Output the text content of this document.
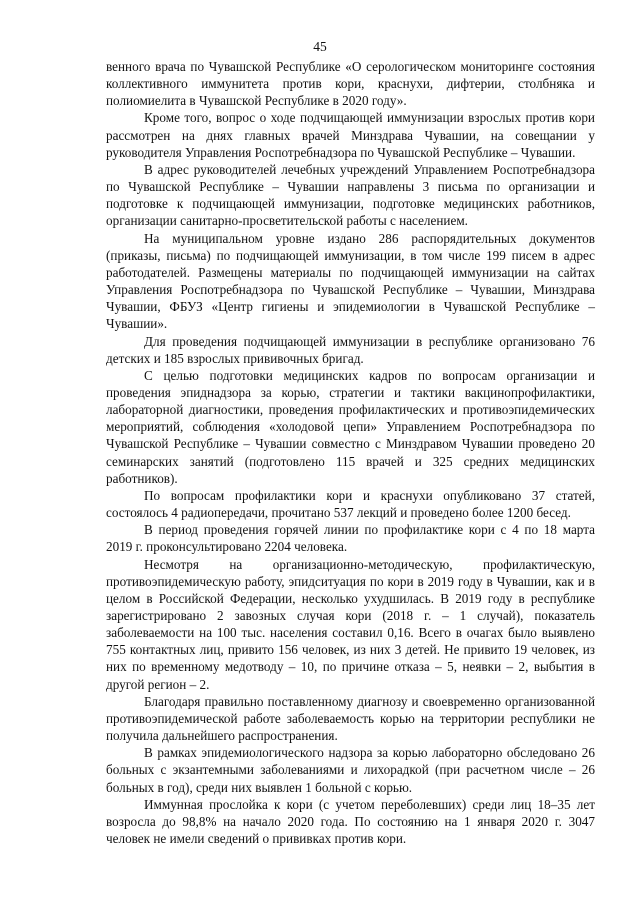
45

венного врача по Чувашской Республике «О серологическом мониторинге состояния коллективного иммунитета против кори, краснухи, дифтерии, столбняка и полиомиелита в Чувашской Республике в 2020 году».

Кроме того, вопрос о ходе подчищающей иммунизации взрослых против кори рассмотрен на днях главных врачей Минздрава Чувашии, на совещании у руководителя Управления Роспотребнадзора по Чувашской Республике – Чувашии.

В адрес руководителей лечебных учреждений Управлением Роспотребнадзора по Чувашской Республике – Чувашии направлены 3 письма по организации и подготовке к подчищающей иммунизации, подготовке медицинских работников, организации санитарно-просветительской работы с населением.

На муниципальном уровне издано 286 распорядительных документов (приказы, письма) по подчищающей иммунизации, в том числе 199 писем в адрес работодателей. Размещены материалы по подчищающей иммунизации на сайтах Управления Роспотребнадзора по Чувашской Республике – Чувашии, Минздрава Чувашии, ФБУЗ «Центр гигиены и эпидемиологии в Чувашской Республике – Чувашии».

Для проведения подчищающей иммунизации в республике организовано 76 детских и 185 взрослых прививочных бригад.

С целью подготовки медицинских кадров по вопросам организации и проведения эпиднадзора за корью, стратегии и тактики вакцинопрофилактики, лабораторной диагностики, проведения профилактических и противоэпидемических мероприятий, соблюдения «холодовой цепи» Управлением Роспотребнадзора по Чувашской Республике – Чувашии совместно с Минздравом Чувашии проведено 20 семинарских занятий (подготовлено 115 врачей и 325 средних медицинских работников).

По вопросам профилактики кори и краснухи опубликовано 37 статей, состоялось 4 радиопередачи, прочитано 537 лекций и проведено более 1200 бесед.

В период проведения горячей линии по профилактике кори с 4 по 18 марта 2019 г. проконсультировано 2204 человека.

Несмотря на организационно-методическую, профилактическую, противоэпидемическую работу, эпидситуация по кори в 2019 году в Чувашии, как и в целом в Российской Федерации, несколько ухудшилась. В 2019 году в республике зарегистрировано 2 завозных случая кори (2018 г. – 1 случай), показатель заболеваемости на 100 тыс. населения составил 0,16. Всего в очагах было выявлено 755 контактных лиц, привито 156 человек, из них 3 детей. Не привито 19 человек, из них по временному медотводу – 10, по причине отказа – 5, неявки – 2, выбытия в другой регион – 2.

Благодаря правильно поставленному диагнозу и своевременно организованной противоэпидемической работе заболеваемость корью на территории республики не получила дальнейшего распространения.

В рамках эпидемиологического надзора за корью лабораторно обследовано 26 больных с экзантемными заболеваниями и лихорадкой (при расчетном числе – 26 больных в год), среди них выявлен 1 больной с корью.

Иммунная прослойка к кори (с учетом переболевших) среди лиц 18–35 лет возросла до 98,8% на начало 2020 года. По состоянию на 1 января 2020 г. 3047 человек не имели сведений о прививках против кори.
